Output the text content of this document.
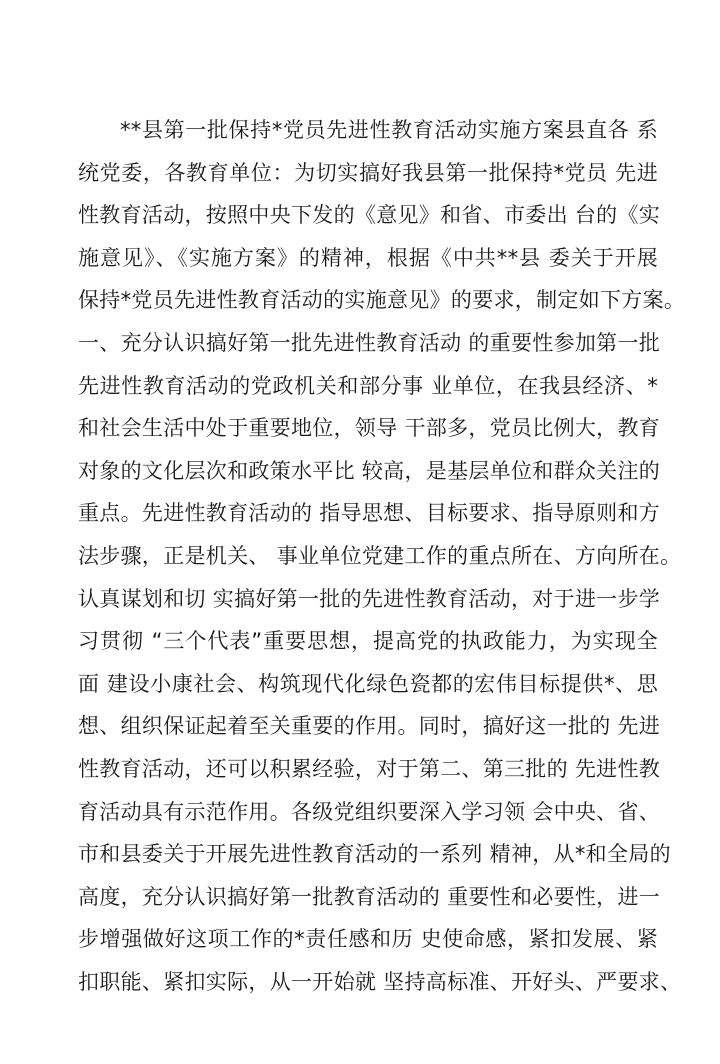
**县第一批保持*党员先进性教育活动实施方案县直各 系
统党委，各教育单位：为切实搞好我县第一批保持*党员 先进
性教育活动，按照中央下发的《意见》和省、市委出 台的《实
施意见》、《实施方案》的精神，根据《中共**县 委关于开展
保持*党员先进性教育活动的实施意见》的要求，制定如下方案。
一、充分认识搞好第一批先进性教育活动 的重要性参加第一批
先进性教育活动的党政机关和部分事 业单位，在我县经济、*
和社会生活中处于重要地位，领导 干部多，党员比例大，教育
对象的文化层次和政策水平比 较高，是基层单位和群众关注的
重点。先进性教育活动的 指导思想、目标要求、指导原则和方
法步骤，正是机关、 事业单位党建工作的重点所在、方向所在。
认真谋划和切 实搞好第一批的先进性教育活动，对于进一步学
习贯彻 “三个代表”重要思想，提高党的执政能力，为实现全
面 建设小康社会、构筑现代化绿色瓷都的宏伟目标提供*、思
想、组织保证起着至关重要的作用。同时，搞好这一批的 先进
性教育活动，还可以积累经验，对于第二、第三批的 先进性教
育活动具有示范作用。各级党组织要深入学习领 会中央、省、
市和县委关于开展先进性教育活动的一系列 精神，从*和全局的
高度，充分认识搞好第一批教育活动的 重要性和必要性，进一
步增强做好这项工作的*责任感和历 史使命感，紧扣发展、紧
扣职能、紧扣实际，从一开始就 坚持高标准、开好头、严要求、
